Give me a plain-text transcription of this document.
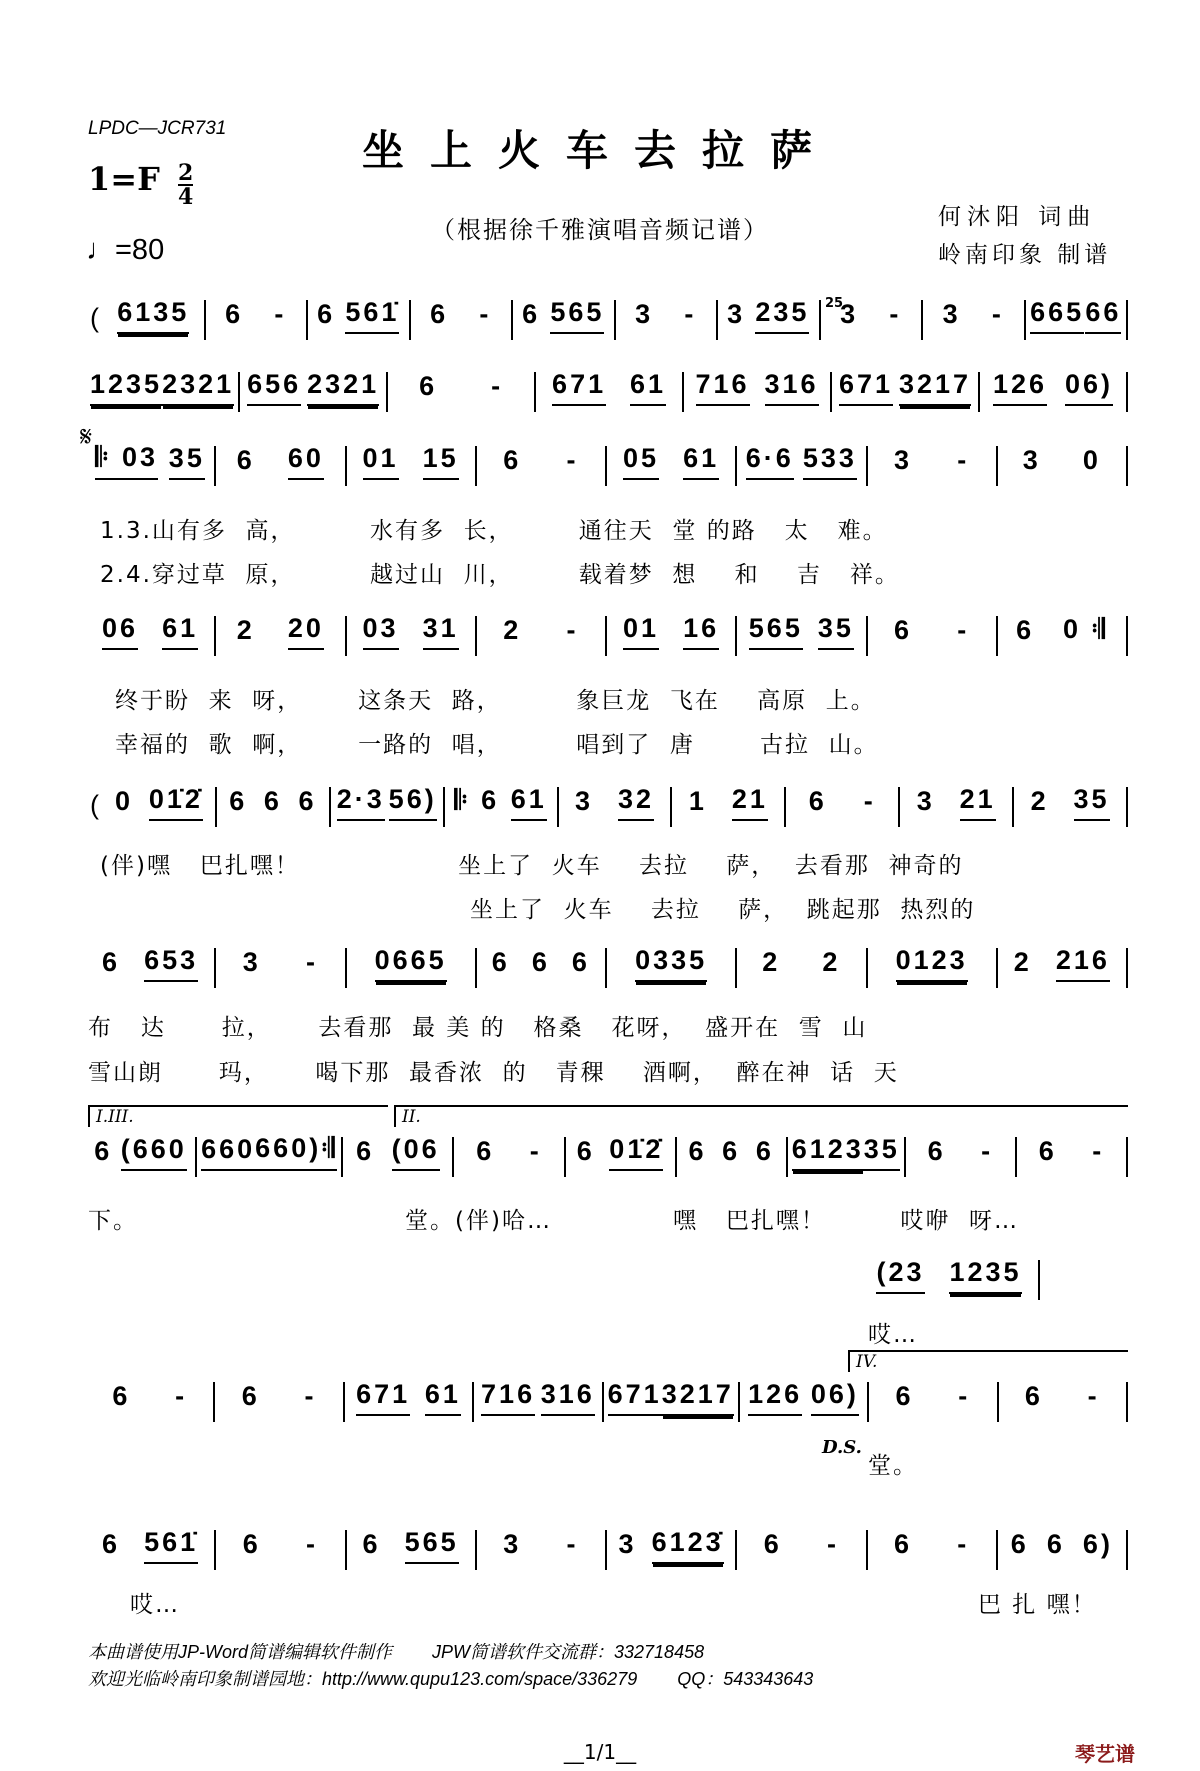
LPDC—JCR731	坐上火车去拉萨
1=F 2
4
♩=80
（根据徐千雅演唱音频记谱）	何沐阳 词曲
岭南印象 制谱
( 6135 6 - 6 561̇ 6 - 6 565 3 - 3 235 3 - 3 - 665 66
1235 2321 656 2321 6 - 671 61 716 316 671 3217 126 06)
𝄆 03 35 6 60 01 15 6 - 05 61 6·6 533 3 - 3 0
06 61 2 20 03 31 2 - 01 16 565 35 6 - 6 0 𝄇
( 0 01̇2̇ 6 6 6 2·3 56) 𝄆 6 61 3 32 1 21 6 - 3 21 2 35
6 653 3 - 0665 6 6 6 0335 2 2 0123 2 216
6 (660 660 660)𝄇 6 (06 6 - 6 01̇2̇ 6 6 6 6123 35 6 - 6 -
(23 1235
6 - 6 - 671 61 716 316 671 3217 126 06) 6 - 6 -
6 561̇ 6 - 6 565 3 - 3 6123̇ 6 - 6 - 6 6 6)
𝄋
25
1.3.山有多  高，        水有多  长，       通往天  堂 的路   太   难。
2.4.穿过草  原，        越过山  川，       载着梦  想    和    吉   祥。
终于盼  来  呀，      这条天  路，        象巨龙  飞在    高原  上。
幸福的  歌  啊，      一路的  唱，        唱到了  唐       古拉  山。
(伴)嘿   巴扎嘿！                 坐上了  火车    去拉    萨，  去看那  神奇的
坐上了  火车    去拉    萨，  跳起那  热烈的
布   达      拉，     去看那  最 美 的   格桑   花呀，  盛开在  雪  山
雪山朗      玛，     喝下那  最香浓  的   青稞    酒啊，  醉在神  话  天
I.III.	II.
下。	堂。(伴)哈…             嘿   巴扎嘿！        哎咿  呀…
哎…
IV.
D.S.
堂。
哎…	巴 扎 嘿！
本曲谱使用JP-Word简谱编辑软件制作        JPW简谱软件交流群：332718458
欢迎光临岭南印象制谱园地：http://www.qupu123.com/space/336279        QQ：543343643
__1/1__	琴艺谱
